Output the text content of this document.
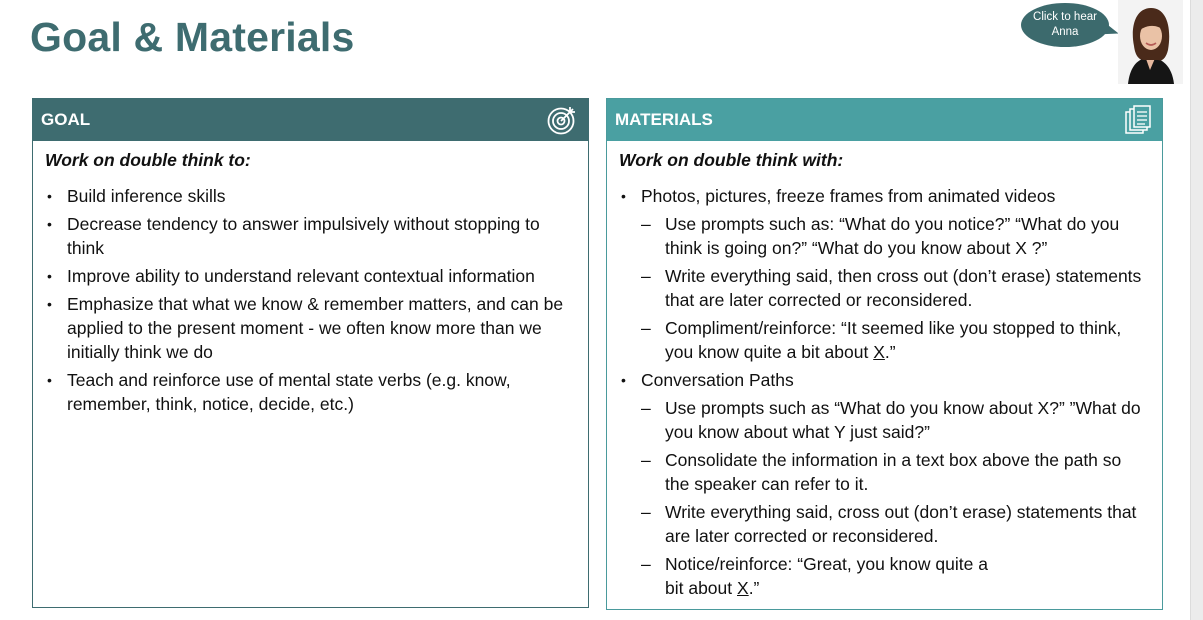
Goal & Materials	Click to hear Anna
GOAL

Work on double think to:

• Build inference skills
• Decrease tendency to answer impulsively without stopping to think
• Improve ability to understand relevant contextual information
• Emphasize that what we know & remember matters, and can be applied to the present moment - we often know more than we initially think we do
• Teach and reinforce use of mental state verbs (e.g. know, remember, think, notice, decide, etc.)
MATERIALS

Work on double think with:

• Photos, pictures, freeze frames from animated videos
– Use prompts such as: “What do you notice?” “What do you think is going on?” “What do you know about X ?”
– Write everything said, then cross out (don’t erase) statements that are later corrected or reconsidered.
– Compliment/reinforce: “It seemed like you stopped to think, you know quite a bit about X.”
• Conversation Paths
– Use prompts such as “What do you know about X?” ”What do you know about what Y just said?”
– Consolidate the information in a text box above the path so the speaker can refer to it.
– Write everything said, cross out (don’t erase) statements that are later corrected or reconsidered.
– Notice/reinforce: “Great, you know quite a
bit about X.”
